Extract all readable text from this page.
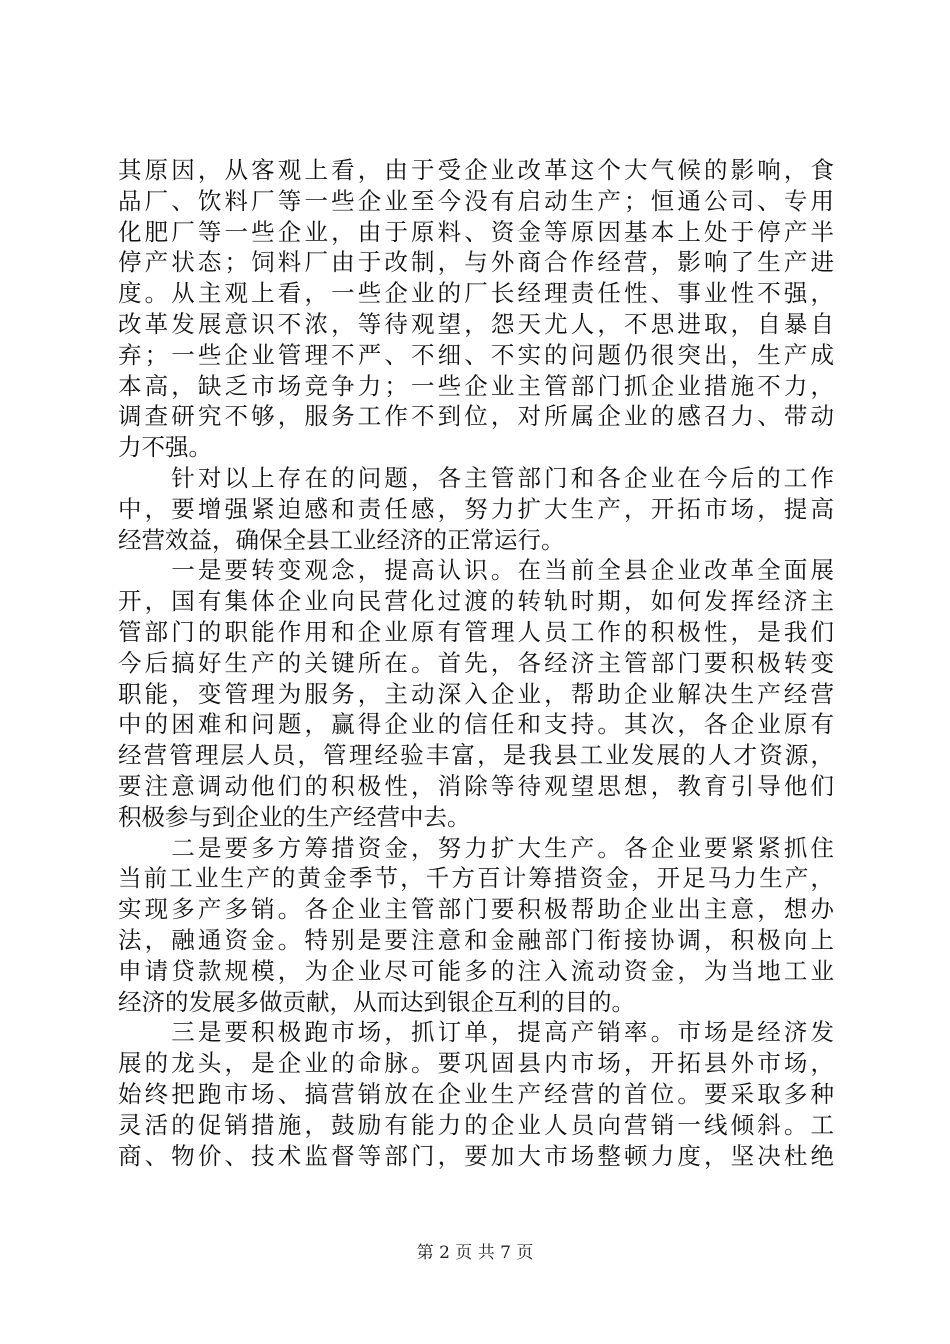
其原因，从客观上看，由于受企业改革这个大气候的影响，食
品厂、饮料厂等一些企业至今没有启动生产；恒通公司、专用
化肥厂等一些企业，由于原料、资金等原因基本上处于停产半
停产状态；饲料厂由于改制，与外商合作经营，影响了生产进
度。从主观上看，一些企业的厂长经理责任性、事业性不强，
改革发展意识不浓，等待观望，怨天尤人，不思进取，自暴自
弃；一些企业管理不严、不细、不实的问题仍很突出，生产成
本高，缺乏市场竞争力；一些企业主管部门抓企业措施不力，
调查研究不够，服务工作不到位，对所属企业的感召力、带动
力不强。
　　针对以上存在的问题，各主管部门和各企业在今后的工作
中，要增强紧迫感和责任感，努力扩大生产，开拓市场，提高
经营效益，确保全县工业经济的正常运行。
　　一是要转变观念，提高认识。在当前全县企业改革全面展
开，国有集体企业向民营化过渡的转轨时期，如何发挥经济主
管部门的职能作用和企业原有管理人员工作的积极性，是我们
今后搞好生产的关键所在。首先，各经济主管部门要积极转变
职能，变管理为服务，主动深入企业，帮助企业解决生产经营
中的困难和问题，赢得企业的信任和支持。其次，各企业原有
经营管理层人员，管理经验丰富，是我县工业发展的人才资源，
要注意调动他们的积极性，消除等待观望思想，教育引导他们
积极参与到企业的生产经营中去。
　　二是要多方筹措资金，努力扩大生产。各企业要紧紧抓住
当前工业生产的黄金季节，千方百计筹措资金，开足马力生产，
实现多产多销。各企业主管部门要积极帮助企业出主意，想办
法，融通资金。特别是要注意和金融部门衔接协调，积极向上
申请贷款规模，为企业尽可能多的注入流动资金，为当地工业
经济的发展多做贡献，从而达到银企互利的目的。
　　三是要积极跑市场，抓订单，提高产销率。市场是经济发
展的龙头，是企业的命脉。要巩固县内市场，开拓县外市场，
始终把跑市场、搞营销放在企业生产经营的首位。要采取多种
灵活的促销措施，鼓励有能力的企业人员向营销一线倾斜。工
商、物价、技术监督等部门，要加大市场整顿力度，坚决杜绝
第 2 页 共 7 页
